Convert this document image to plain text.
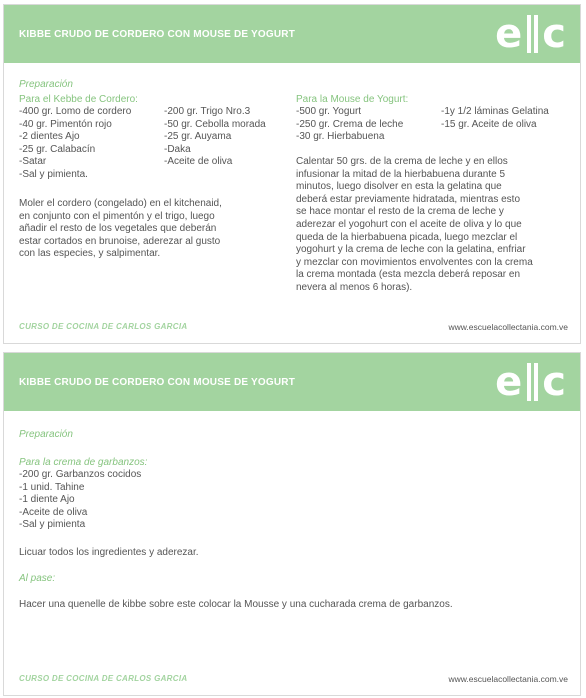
KIBBE CRUDO DE CORDERO CON MOUSE DE YOGURT	e c
Preparación
Para el Kebbe de Cordero:
-400 gr. Lomo de cordero
-40 gr. Pimentón rojo
-2 dientes Ajo
-25 gr. Calabacín
-Satar
-Sal y pimienta.
-200 gr. Trigo Nro.3
-50 gr. Cebolla morada
-25 gr. Auyama
-Daka
-Aceite de oliva
Moler el cordero (congelado) en el kitchenaid,
en conjunto con el pimentón y el trigo, luego
añadir el resto de los vegetales que deberán
estar cortados en brunoise, aderezar al gusto
con las especies, y salpimentar.
Para la Mouse de Yogurt:
-500 gr. Yogurt
-250 gr. Crema de leche
-30 gr. Hierbabuena
-1y 1/2 láminas Gelatina
-15 gr. Aceite de oliva
Calentar 50 grs. de la crema de leche y en ellos
infusionar la mitad de la hierbabuena durante 5
minutos, luego disolver en esta la gelatina que
deberá estar previamente hidratada, mientras esto
se hace montar el resto de la crema de leche y
aderezar el yogohurt con el aceite de oliva y lo que
queda de la hierbabuena picada, luego mezclar el
yogohurt y la crema de leche con la gelatina, enfriar
y mezclar con movimientos envolventes con la crema
la crema montada (esta mezcla deberá reposar en
nevera al menos 6 horas).
CURSO DE COCINA DE CARLOS GARCIA	www.escuelacollectania.com.ve
KIBBE CRUDO DE CORDERO CON MOUSE DE YOGURT	e c
Preparación
Para la crema de garbanzos:
-200 gr. Garbanzos cocidos
-1 unid. Tahine
-1 diente Ajo
-Aceite de oliva
-Sal y pimienta
Licuar todos los ingredientes y aderezar.
Al pase:
Hacer una quenelle de kibbe sobre este colocar la Mousse y una cucharada crema de garbanzos.
CURSO DE COCINA DE CARLOS GARCIA	www.escuelacollectania.com.ve
